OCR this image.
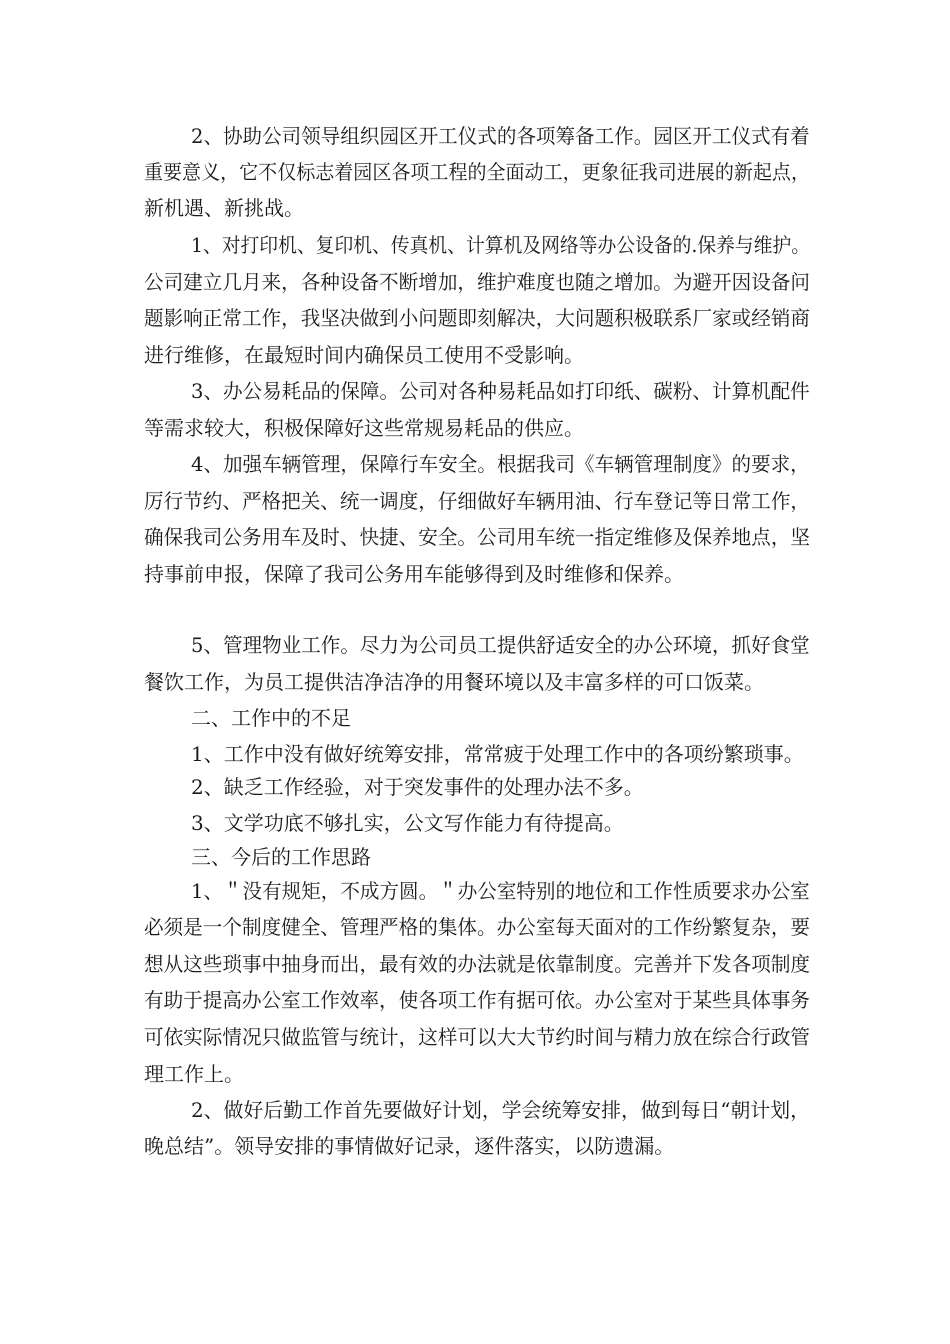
2、协助公司领导组织园区开工仪式的各项筹备工作。园区开工仪式有着
重要意义，它不仅标志着园区各项工程的全面动工，更象征我司进展的新起点，
新机遇、新挑战。
1、对打印机、复印机、传真机、计算机及网络等办公设备的.保养与维护。
公司建立几月来，各种设备不断增加，维护难度也随之增加。为避开因设备问
题影响正常工作，我坚决做到小问题即刻解决，大问题积极联系厂家或经销商
进行维修，在最短时间内确保员工使用不受影响。
3、办公易耗品的保障。公司对各种易耗品如打印纸、碳粉、计算机配件
等需求较大，积极保障好这些常规易耗品的供应。
4、加强车辆管理，保障行车安全。根据我司《车辆管理制度》的要求，
厉行节约、严格把关、统一调度，仔细做好车辆用油、行车登记等日常工作，
确保我司公务用车及时、快捷、安全。公司用车统一指定维修及保养地点，坚
持事前申报，保障了我司公务用车能够得到及时维修和保养。
5、管理物业工作。尽力为公司员工提供舒适安全的办公环境，抓好食堂
餐饮工作，为员工提供洁净洁净的用餐环境以及丰富多样的可口饭菜。
二、工作中的不足
1、工作中没有做好统筹安排，常常疲于处理工作中的各项纷繁琐事。
2、缺乏工作经验，对于突发事件的处理办法不多。
3、文学功底不够扎实，公文写作能力有待提高。
三、今后的工作思路
1、＂没有规矩，不成方圆。＂办公室特别的地位和工作性质要求办公室
必须是一个制度健全、管理严格的集体。办公室每天面对的工作纷繁复杂，要
想从这些琐事中抽身而出，最有效的办法就是依靠制度。完善并下发各项制度
有助于提高办公室工作效率，使各项工作有据可依。办公室对于某些具体事务
可依实际情况只做监管与统计，这样可以大大节约时间与精力放在综合行政管
理工作上。
2、做好后勤工作首先要做好计划，学会统筹安排，做到每日“朝计划，
晚总结”。领导安排的事情做好记录，逐件落实，以防遗漏。
